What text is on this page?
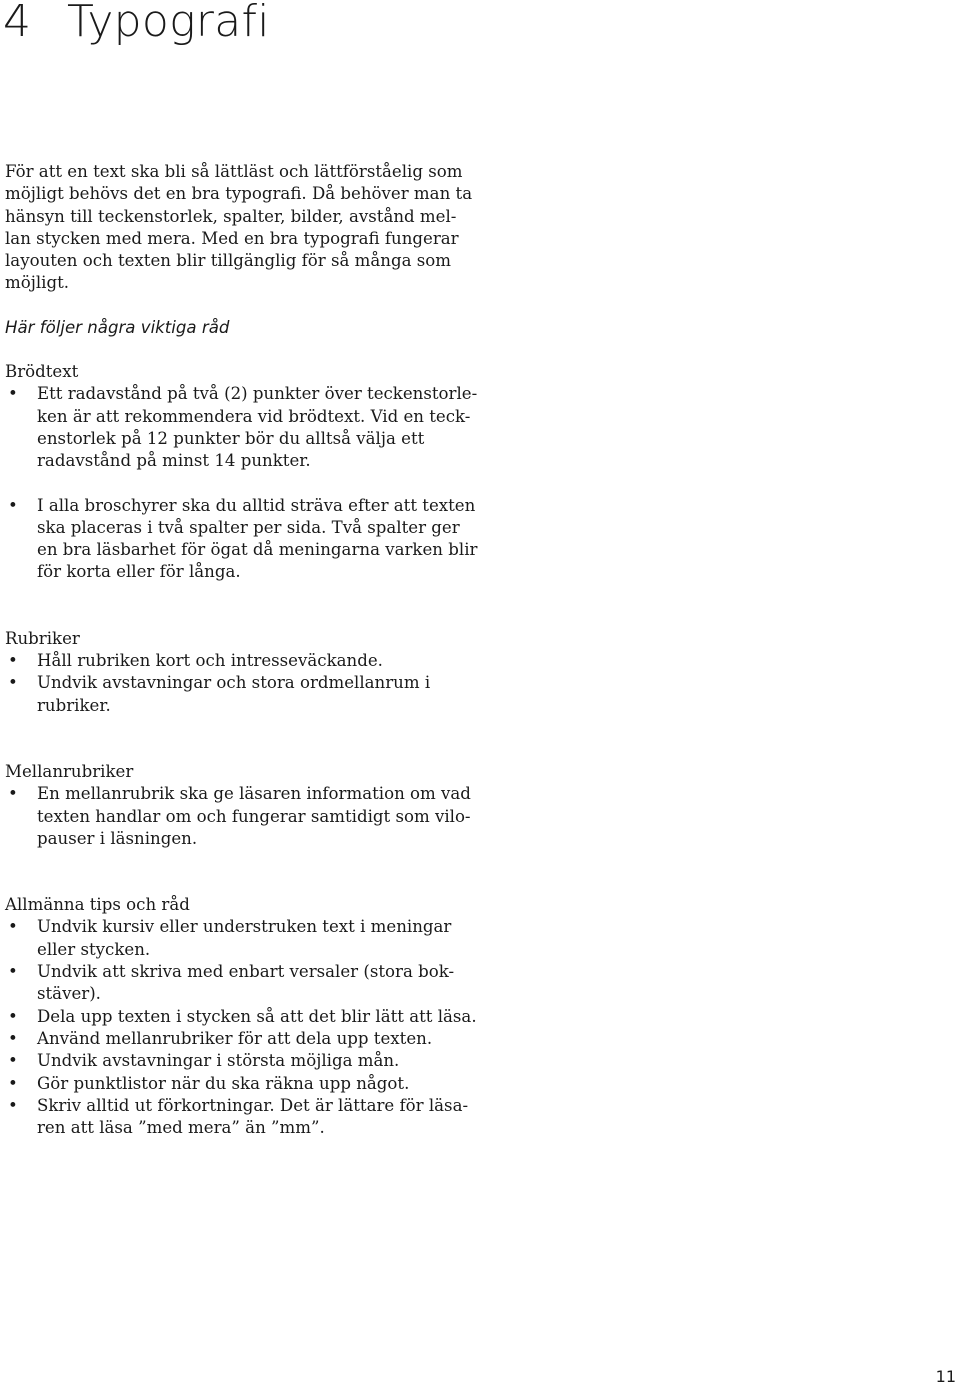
4 Typografi
För att en text ska bli så lättläst och lättförståelig som
möjligt behövs det en bra typografi. Då behöver man ta
hänsyn till teckenstorlek, spalter, bilder, avstånd mel-
lan stycken med mera. Med en bra typografi fungerar
layouten och texten blir tillgänglig för så många som
möjligt.
Här följer några viktiga råd
Brödtext
• Ett radavstånd på två (2) punkter över teckenstorle-
ken är att rekommendera vid brödtext. Vid en teck-
enstorlek på 12 punkter bör du alltså välja ett
radavstånd på minst 14 punkter.
• I alla broschyrer ska du alltid sträva efter att texten
ska placeras i två spalter per sida. Två spalter ger
en bra läsbarhet för ögat då meningarna varken blir
för korta eller för långa.
Rubriker
• Håll rubriken kort och intresseväckande.
• Undvik avstavningar och stora ordmellanrum i
rubriker.
Mellanrubriker
• En mellanrubrik ska ge läsaren information om vad
texten handlar om och fungerar samtidigt som vilo-
pauser i läsningen.
Allmänna tips och råd
• Undvik kursiv eller understruken text i meningar
eller stycken.
• Undvik att skriva med enbart versaler (stora bok-
stäver).
• Dela upp texten i stycken så att det blir lätt att läsa.
• Använd mellanrubriker för att dela upp texten.
• Undvik avstavningar i största möjliga mån.
• Gör punktlistor när du ska räkna upp något.
• Skriv alltid ut förkortningar. Det är lättare för läsa-
ren att läsa ”med mera” än ”mm”.
11
